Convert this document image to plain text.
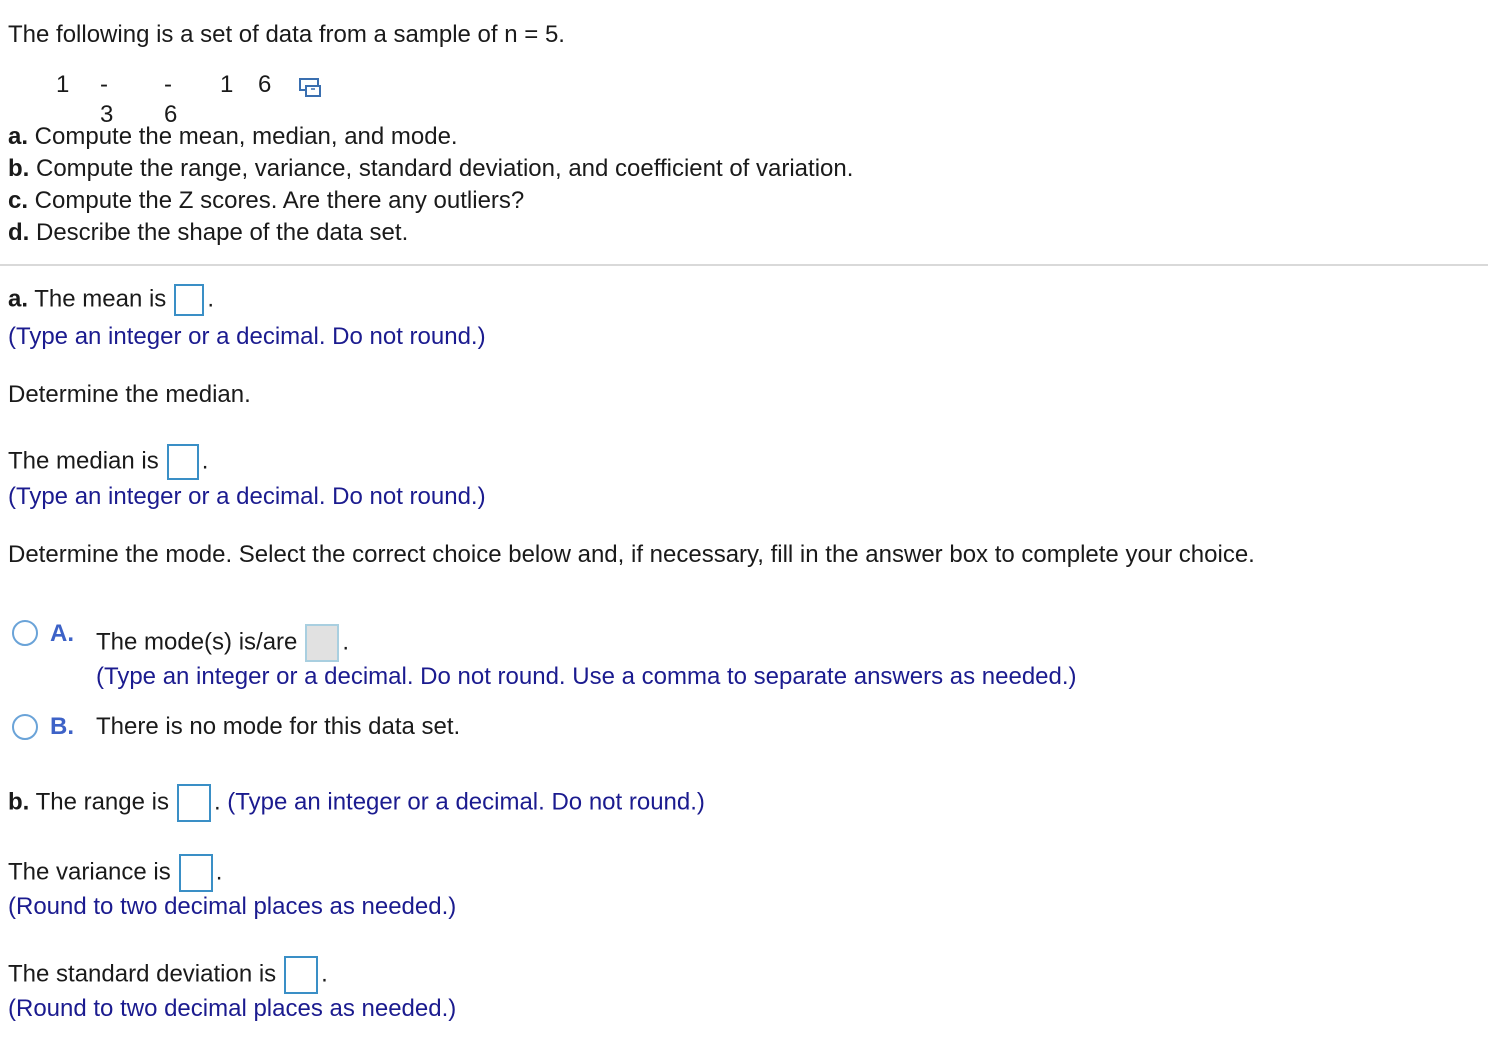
The following is a set of data from a sample of n = 5.
1 - 3
- 6
1 6
a. Compute the mean, median, and mode.
b. Compute the range, variance, standard deviation, and coefficient of variation.
c. Compute the Z scores. Are there any outliers?
d. Describe the shape of the data set.
a. The mean is .
(Type an integer or a decimal. Do not round.)
Determine the median.
The median is .
(Type an integer or a decimal. Do not round.)
Determine the mode. Select the correct choice below and, if necessary, fill in the answer box to complete your choice.
A. The mode(s) is/are .
(Type an integer or a decimal. Do not round. Use a comma to separate answers as needed.)
B. There is no mode for this data set.
b. The range is . (Type an integer or a decimal. Do not round.)
The variance is .
(Round to two decimal places as needed.)
The standard deviation is .
(Round to two decimal places as needed.)
